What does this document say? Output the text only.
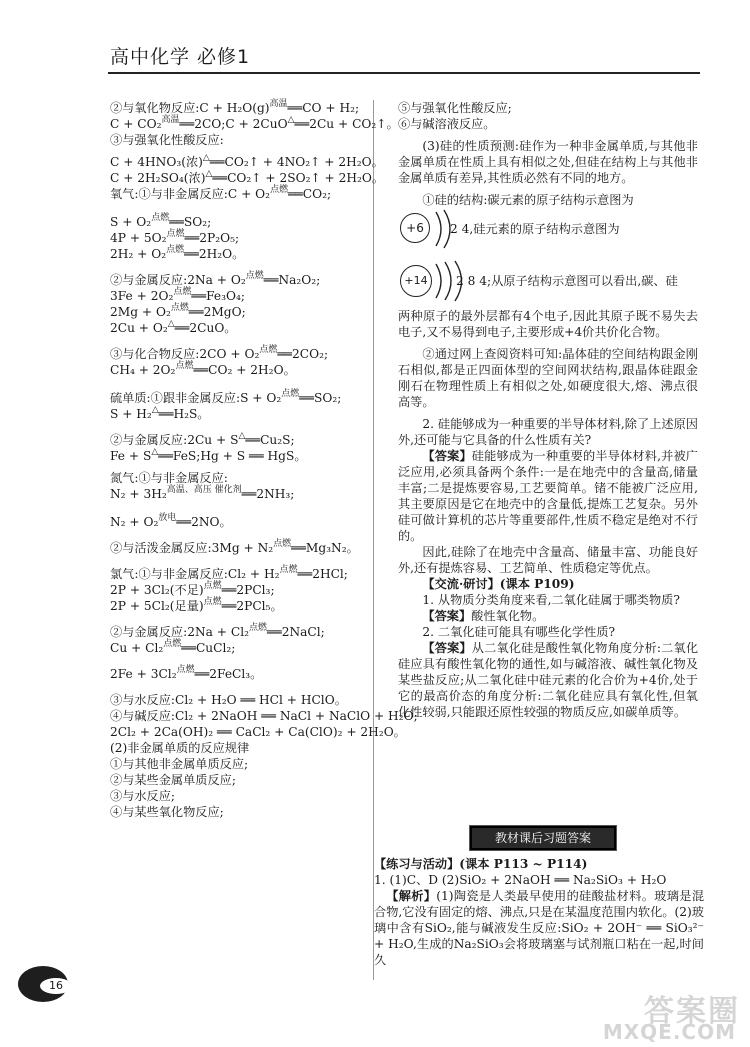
高中化学 必修1
②与氧化物反应:C + $H_2O(g)^{高温}══CO + H_2$;
C + CO₂$^{高温}$══2CO;C + 2CuO△══2Cu + CO₂↑。
③与强氧化性酸反应:
C + 4HNO₃(浓)△══CO₂↑ + 4NO₂↑ + 2H₂O。
C + 2H₂SO₄(浓)△══CO₂↑ + 2SO₂↑ + 2H₂O。
氧气:①与非金属反应:C + O₂$^{点燃}$══CO₂;
S + O₂$^{点燃}$══SO₂;
4P + 5O₂$^{点燃}$══2P₂O₅;
2H₂ + O₂$^{点燃}$══2H₂O。
②与金属反应:2Na + O₂$^{点燃}$══Na₂O₂;
3Fe + 2O₂$^{点燃}$══Fe₃O₄;
2Mg + O₂$^{点燃}$══2MgO;
2Cu + O₂△══2CuO。
③与化合物反应:2CO + O₂$^{点燃}$══2CO₂;
CH₄ + 2O₂$^{点燃}$══CO₂ + 2H₂O。
硫单质:①跟非金属反应:S + O₂$^{点燃}$══SO₂;
S + H₂△══H₂S。
②与金属反应:2Cu + S△══Cu₂S;
Fe + S△══FeS;Hg + S ══ HgS。
氮气:①与非金属反应:
N₂ + 3H₂$^{高温、高压 催化剂}$══2NH₃;
N₂ + O₂$^{放电}$══2NO。
②与活泼金属反应:3Mg + N₂$^{点燃}$══Mg₃N₂。
氯气:①与非金属反应:Cl₂ + H₂$^{点燃}$══2HCl;
2P + 3Cl₂(不足)$^{点燃}$══2PCl₃;
2P + 5Cl₂(足量)$^{点燃}$══2PCl₅。
②与金属反应:2Na + Cl₂$^{点燃}$══2NaCl;
Cu + Cl₂$^{点燃}$══CuCl₂;
2Fe + 3Cl₂$^{点燃}$══2FeCl₃。
③与水反应:Cl₂ + H₂O ══ HCl + HClO。
④与碱反应:Cl₂ + 2NaOH ══ NaCl + NaClO + H₂O;
2Cl₂ + 2Ca(OH)₂ ══ CaCl₂ + Ca(ClO)₂ + 2H₂O。
(2)非金属单质的反应规律
①与其他非金属单质反应;
②与某些金属单质反应;
③与水反应;
④与某些氧化物反应;
⑤与强氧化性酸反应;
⑥与碱溶液反应。
(3)硅的性质预测:硅作为一种非金属单质,与其他非金属单质在性质上具有相似之处,但硅在结构上与其他非金属单质有差异,其性质必然有不同的地方。
①硅的结构:碳元素的原子结构示意图为
+6	2 4,硅元素的原子结构示意图为
+14	2 8 4;从原子结构示意图可以看出,碳、硅
两种原子的最外层都有4个电子,因此其原子既不易失去电子,又不易得到电子,主要形成+4价共价化合物。
②通过网上查阅资料可知:晶体硅的空间结构跟金刚石相似,都是正四面体型的空间网状结构,跟晶体硅跟金刚石在物理性质上有相似之处,如硬度很大,熔、沸点很高等。
2. 硅能够成为一种重要的半导体材料,除了上述原因外,还可能与它具备的什么性质有关?
【答案】硅能够成为一种重要的半导体材料,并被广泛应用,必须具备两个条件:一是在地壳中的含量高,储量丰富;二是提炼要容易,工艺要简单。锗不能被广泛应用,其主要原因是它在地壳中的含量低,提炼工艺复杂。另外硅可做计算机的芯片等重要部件,性质不稳定是绝对不行的。
因此,硅除了在地壳中含量高、储量丰富、功能良好外,还有提炼容易、工艺简单、性质稳定等优点。
【交流·研讨】(课本 P109)
1. 从物质分类角度来看,二氧化硅属于哪类物质?
【答案】酸性氧化物。
2. 二氧化硅可能具有哪些化学性质?
【答案】从二氧化硅是酸性氧化物角度分析:二氧化硅应具有酸性氧化物的通性,如与碱溶液、碱性氧化物及某些盐反应;从二氧化硅中硅元素的化合价为+4价,处于它的最高价态的角度分析:二氧化硅应具有氧化性,但氧化性较弱,只能跟还原性较强的物质反应,如碳单质等。
教材课后习题答案
【练习与活动】(课本 P113 ~ P114)
1. (1)C、D (2)SiO₂ + 2NaOH ══ Na₂SiO₃ + H₂O
【解析】(1)陶瓷是人类最早使用的硅酸盐材料。玻璃是混合物,它没有固定的熔、沸点,只是在某温度范围内软化。(2)玻璃中含有SiO₂,能与碱液发生反应:SiO₂ + 2OH⁻ ══ SiO₃²⁻ + H₂O,生成的Na₂SiO₃会将玻璃塞与试剂瓶口粘在一起,时间久
16
答案圈
MXQE.COM
